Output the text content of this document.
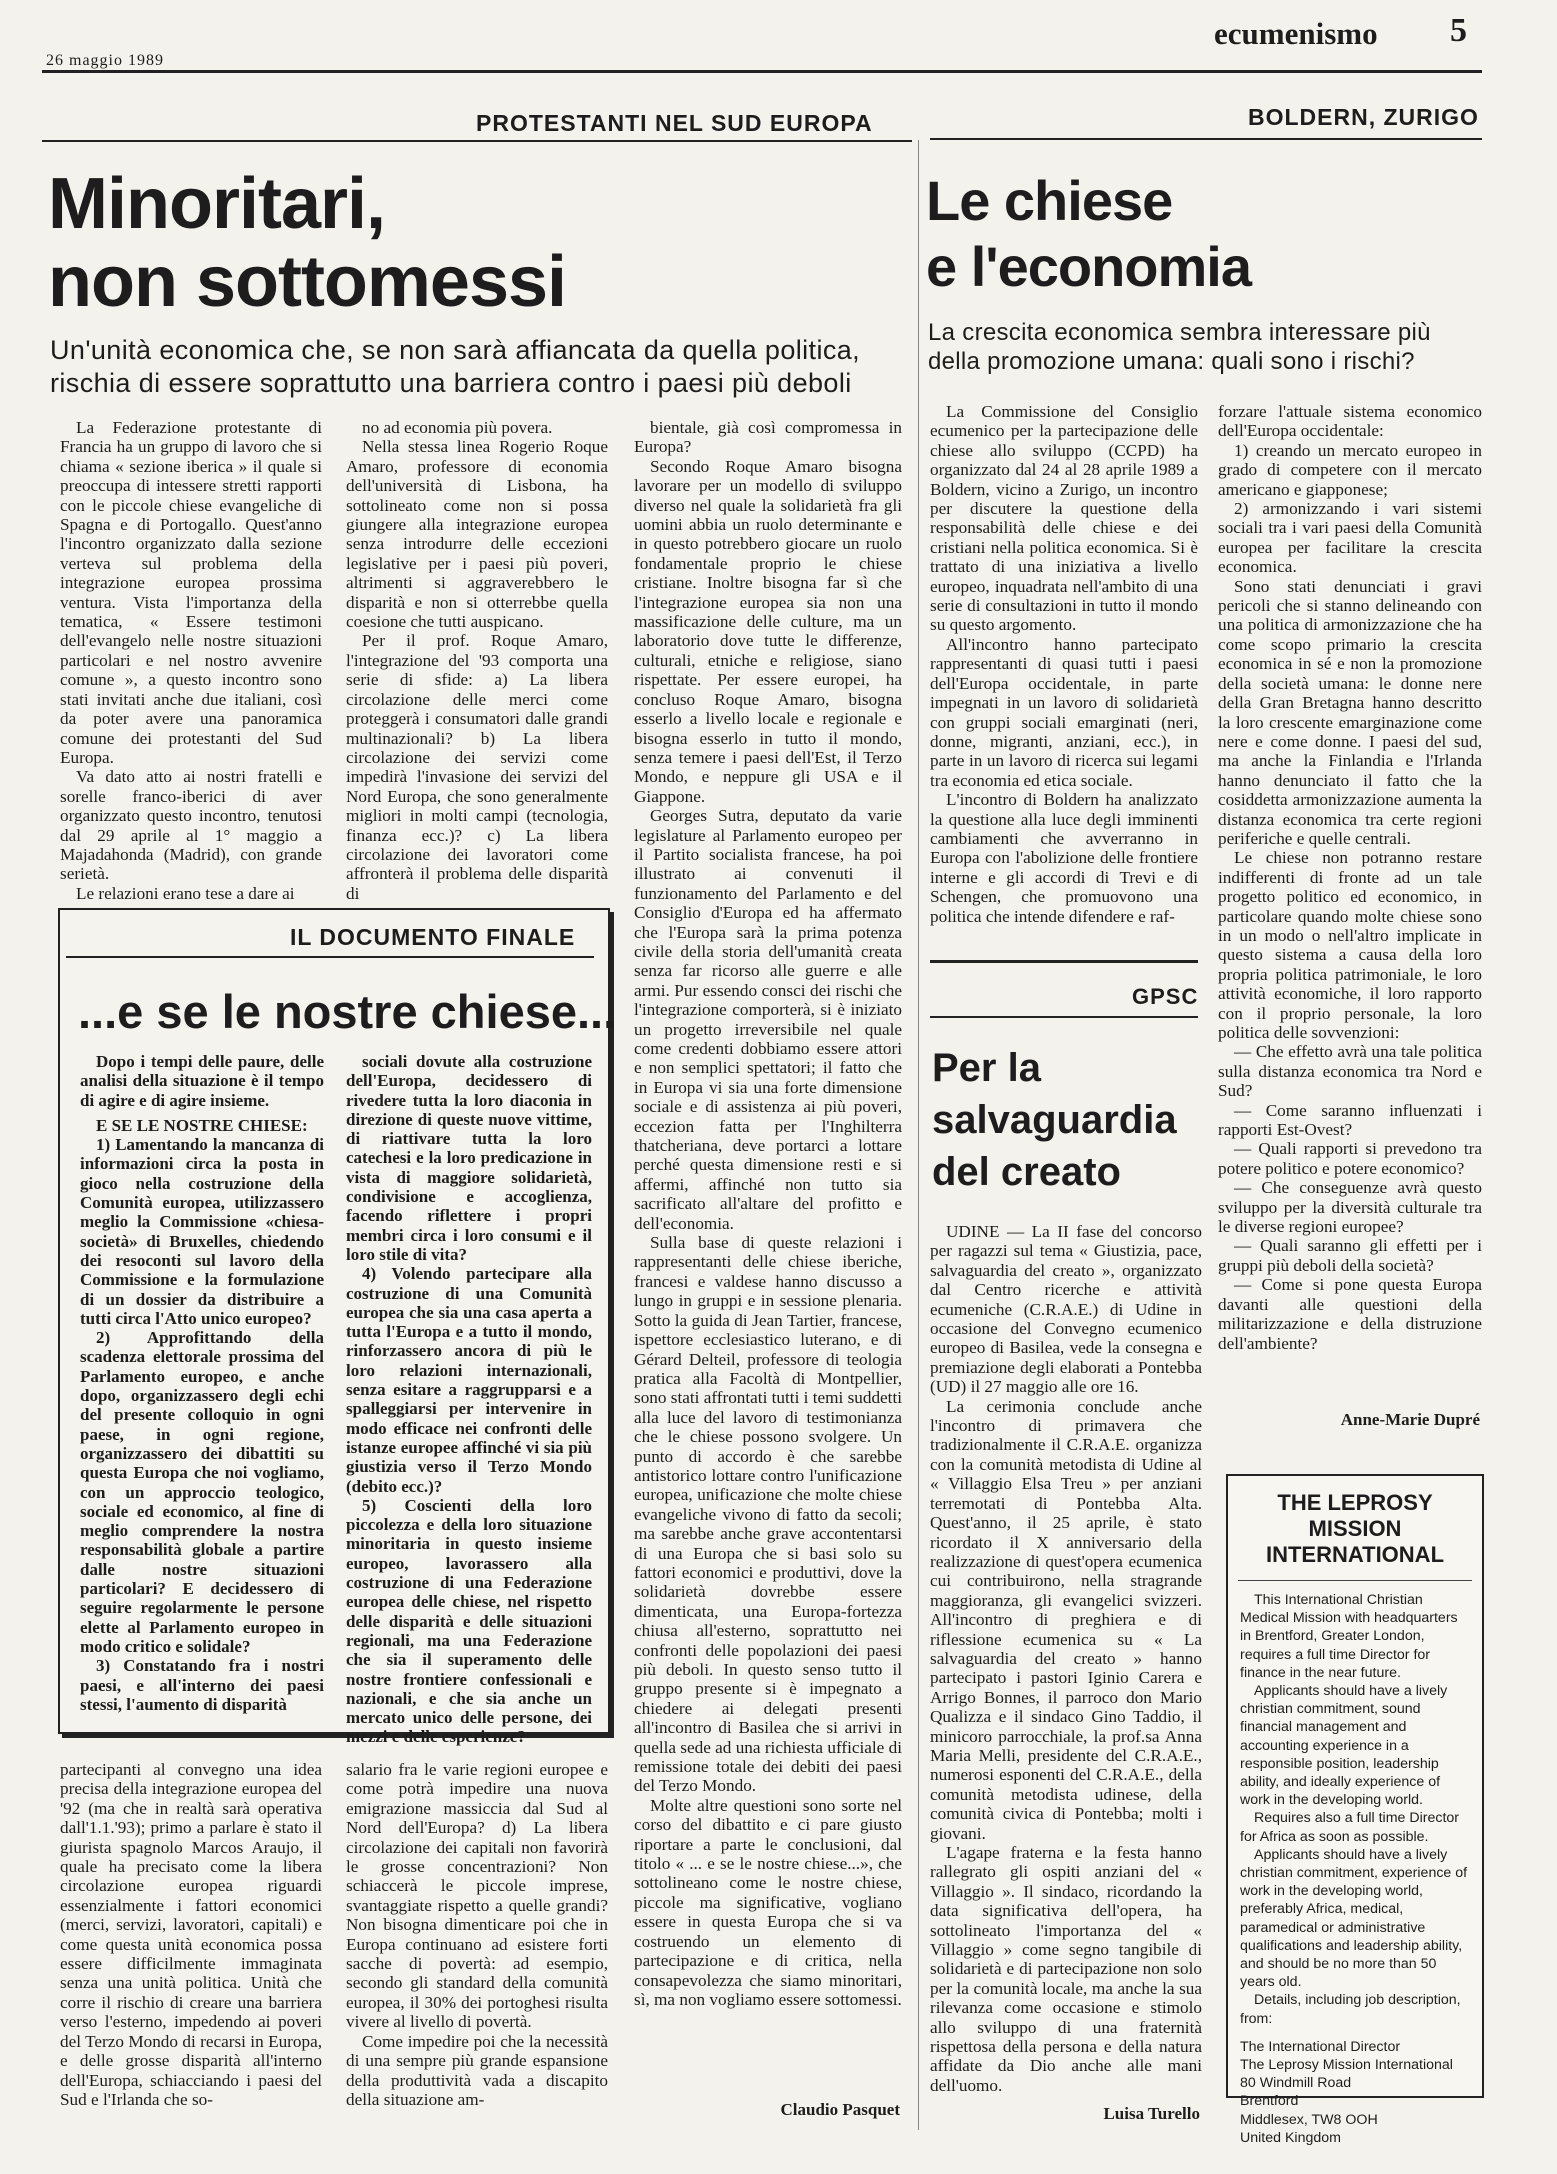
26 maggio 1989
ecumenismo 5
PROTESTANTI NEL SUD EUROPA
Minoritari,
non sottomessi
Un'unità economica che, se non sarà affiancata da quella politica,
rischia di essere soprattutto una barriera contro i paesi più deboli

La Federazione protestante di Francia ha un gruppo di lavoro che si chiama « sezione iberica » il quale si preoccupa di intessere stretti rapporti con le piccole chiese evangeliche di Spagna e di Portogallo. Quest'anno l'incontro organizzato dalla sezione verteva sul problema della integrazione europea prossima ventura. Vista l'importanza della tematica, « Essere testimoni dell'evangelo nelle nostre situazioni particolari e nel nostro avvenire comune », a questo incontro sono stati invitati anche due italiani, così da poter avere una panoramica comune dei protestanti del Sud Europa.

Va dato atto ai nostri fratelli e sorelle franco-iberici di aver organizzato questo incontro, tenutosi dal 29 aprile al 1° maggio a Majadahonda (Madrid), con grande serietà.

Le relazioni erano tese a dare ai

no ad economia più povera.

Nella stessa linea Rogerio Roque Amaro, professore di economia dell'università di Lisbona, ha sottolineato come non si possa giungere alla integrazione europea senza introdurre delle eccezioni legislative per i paesi più poveri, altrimenti si aggraverebbero le disparità e non si otterrebbe quella coesione che tutti auspicano.

Per il prof. Roque Amaro, l'integrazione del '93 comporta una serie di sfide: a) La libera circolazione delle merci come proteggerà i consumatori dalle grandi multinazionali? b) La libera circolazione dei servizi come impedirà l'invasione dei servizi del Nord Europa, che sono generalmente migliori in molti campi (tecnologia, finanza ecc.)? c) La libera circolazione dei lavoratori come affronterà il problema delle disparità di

bientale, già così compromessa in Europa?

Secondo Roque Amaro bisogna lavorare per un modello di sviluppo diverso nel quale la solidarietà fra gli uomini abbia un ruolo determinante e in questo potrebbero giocare un ruolo fondamentale proprio le chiese cristiane. Inoltre bisogna far sì che l'integrazione europea sia non una massificazione delle culture, ma un laboratorio dove tutte le differenze, culturali, etniche e religiose, siano rispettate. Per essere europei, ha concluso Roque Amaro, bisogna esserlo a livello locale e regionale e bisogna esserlo in tutto il mondo, senza temere i paesi dell'Est, il Terzo Mondo, e neppure gli USA e il Giappone.

Georges Sutra, deputato da varie legislature al Parlamento europeo per il Partito socialista francese, ha poi illustrato ai convenuti il funzionamento del Parlamento e del Consiglio d'Europa ed ha affermato che l'Europa sarà la prima potenza civile della storia dell'umanità creata senza far ricorso alle guerre e alle armi. Pur essendo consci dei rischi che l'integrazione comporterà, si è iniziato un progetto irreversibile nel quale come credenti dobbiamo essere attori e non semplici spettatori; il fatto che in Europa vi sia una forte dimensione sociale e di assistenza ai più poveri, eccezion fatta per l'Inghilterra thatcheriana, deve portarci a lottare perché questa dimensione resti e si affermi, affinché non tutto sia sacrificato all'altare del profitto e dell'economia.

Sulla base di queste relazioni i rappresentanti delle chiese iberiche, francesi e valdese hanno discusso a lungo in gruppi e in sessione plenaria. Sotto la guida di Jean Tartier, francese, ispettore ecclesiastico luterano, e di Gérard Delteil, professore di teologia pratica alla Facoltà di Montpellier, sono stati affrontati tutti i temi suddetti alla luce del lavoro di testimonianza che le chiese possono svolgere. Un punto di accordo è che sarebbe antistorico lottare contro l'unificazione europea, unificazione che molte chiese evangeliche vivono di fatto da secoli; ma sarebbe anche grave accontentarsi di una Europa che si basi solo su fattori economici e produttivi, dove la solidarietà dovrebbe essere dimenticata, una Europa-fortezza chiusa all'esterno, soprattutto nei confronti delle popolazioni dei paesi più deboli. In questo senso tutto il gruppo presente si è impegnato a chiedere ai delegati presenti all'incontro di Basilea che si arrivi in quella sede ad una richiesta ufficiale di remissione totale dei debiti dei paesi del Terzo Mondo.

Molte altre questioni sono sorte nel corso del dibattito e ci pare giusto riportare a parte le conclusioni, dal titolo « ... e se le nostre chiese...», che sottolineano come le nostre chiese, piccole ma significative, vogliano essere in questa Europa che si va costruendo un elemento di partecipazione e di critica, nella consapevolezza che siamo minoritari, sì, ma non vogliamo essere sottomessi.

IL DOCUMENTO FINALE
...e se le nostre chiese...

Dopo i tempi delle paure, delle analisi della situazione è il tempo di agire e di agire insieme.

E SE LE NOSTRE CHIESE:

1) Lamentando la mancanza di informazioni circa la posta in gioco nella costruzione della Comunità europea, utilizzassero meglio la Commissione «chiesa-società» di Bruxelles, chiedendo dei resoconti sul lavoro della Commissione e la formulazione di un dossier da distribuire a tutti circa l'Atto unico europeo?

2) Approfittando della scadenza elettorale prossima del Parlamento europeo, e anche dopo, organizzassero degli echi del presente colloquio in ogni paese, in ogni regione, organizzassero dei dibattiti su questa Europa che noi vogliamo, con un approccio teologico, sociale ed economico, al fine di meglio comprendere la nostra responsabilità globale a partire dalle nostre situazioni particolari? E decidessero di seguire regolarmente le persone elette al Parlamento europeo in modo critico e solidale?

3) Constatando fra i nostri paesi, e all'interno dei paesi stessi, l'aumento di disparità

sociali dovute alla costruzione dell'Europa, decidessero di rivedere tutta la loro diaconia in direzione di queste nuove vittime, di riattivare tutta la loro catechesi e la loro predicazione in vista di maggiore solidarietà, condivisione e accoglienza, facendo riflettere i propri membri circa i loro consumi e il loro stile di vita?

4) Volendo partecipare alla costruzione di una Comunità europea che sia una casa aperta a tutta l'Europa e a tutto il mondo, rinforzassero ancora di più le loro relazioni internazionali, senza esitare a raggrupparsi e a spalleggiarsi per intervenire in modo efficace nei confronti delle istanze europee affinché vi sia più giustizia verso il Terzo Mondo (debito ecc.)?

5) Coscienti della loro piccolezza e della loro situazione minoritaria in questo insieme europeo, lavorassero alla costruzione di una Federazione europea delle chiese, nel rispetto delle disparità e delle situazioni regionali, ma una Federazione che sia il superamento delle nostre frontiere confessionali e nazionali, e che sia anche un mercato unico delle persone, dei mezzi e delle esperienze?

partecipanti al convegno una idea precisa della integrazione europea del '92 (ma che in realtà sarà operativa dall'1.1.'93); primo a parlare è stato il giurista spagnolo Marcos Araujo, il quale ha precisato come la libera circolazione europea riguardi essenzialmente i fattori economici (merci, servizi, lavoratori, capitali) e come questa unità economica possa essere difficilmente immaginata senza una unità politica. Unità che corre il rischio di creare una barriera verso l'esterno, impedendo ai poveri del Terzo Mondo di recarsi in Europa, e delle grosse disparità all'interno dell'Europa, schiacciando i paesi del Sud e l'Irlanda che so-

salario fra le varie regioni europee e come potrà impedire una nuova emigrazione massiccia dal Sud al Nord dell'Europa? d) La libera circolazione dei capitali non favorirà le grosse concentrazioni? Non schiaccerà le piccole imprese, svantaggiate rispetto a quelle grandi? Non bisogna dimenticare poi che in Europa continuano ad esistere forti sacche di povertà: ad esempio, secondo gli standard della comunità europea, il 30% dei portoghesi risulta vivere al livello di povertà.

Come impedire poi che la necessità di una sempre più grande espansione della produttività vada a discapito della situazione am-

Claudio Pasquet
BOLDERN, ZURIGO
Le chiese
e l'economia
La crescita economica sembra interessare più
della promozione umana: quali sono i rischi?

La Commissione del Consiglio ecumenico per la partecipazione delle chiese allo sviluppo (CCPD) ha organizzato dal 24 al 28 aprile 1989 a Boldern, vicino a Zurigo, un incontro per discutere la questione della responsabilità delle chiese e dei cristiani nella politica economica. Si è trattato di una iniziativa a livello europeo, inquadrata nell'ambito di una serie di consultazioni in tutto il mondo su questo argomento.

All'incontro hanno partecipato rappresentanti di quasi tutti i paesi dell'Europa occidentale, in parte impegnati in un lavoro di solidarietà con gruppi sociali emarginati (neri, donne, migranti, anziani, ecc.), in parte in un lavoro di ricerca sui legami tra economia ed etica sociale.

L'incontro di Boldern ha analizzato la questione alla luce degli imminenti cambiamenti che avverranno in Europa con l'abolizione delle frontiere interne e gli accordi di Trevi e di Schengen, che promuovono una politica che intende difendere e raf-

forzare l'attuale sistema economico dell'Europa occidentale:

1) creando un mercato europeo in grado di competere con il mercato americano e giapponese;

2) armonizzando i vari sistemi sociali tra i vari paesi della Comunità europea per facilitare la crescita economica.

Sono stati denunciati i gravi pericoli che si stanno delineando con una politica di armonizzazione che ha come scopo primario la crescita economica in sé e non la promozione della società umana: le donne nere della Gran Bretagna hanno descritto la loro crescente emarginazione come nere e come donne. I paesi del sud, ma anche la Finlandia e l'Irlanda hanno denunciato il fatto che la cosiddetta armonizzazione aumenta la distanza economica tra certe regioni periferiche e quelle centrali.

Le chiese non potranno restare indifferenti di fronte ad un tale progetto politico ed economico, in particolare quando molte chiese sono in un modo o nell'altro implicate in questo sistema a causa della loro propria politica patrimoniale, le loro attività economiche, il loro rapporto con il proprio personale, la loro politica delle sovvenzioni:

— Che effetto avrà una tale politica sulla distanza economica tra Nord e Sud?

— Come saranno influenzati i rapporti Est-Ovest?

— Quali rapporti si prevedono tra potere politico e potere economico?

— Che conseguenze avrà questo sviluppo per la diversità culturale tra le diverse regioni europee?

— Quali saranno gli effetti per i gruppi più deboli della società?

— Come si pone questa Europa davanti alle questioni della militarizzazione e della distruzione dell'ambiente?

Anne-Marie Dupré
GPSC
Per la
salvaguardia
del creato

UDINE — La II fase del concorso per ragazzi sul tema « Giustizia, pace, salvaguardia del creato », organizzato dal Centro ricerche e attività ecumeniche (C.R.A.E.) di Udine in occasione del Convegno ecumenico europeo di Basilea, vede la consegna e premiazione degli elaborati a Pontebba (UD) il 27 maggio alle ore 16.

La cerimonia conclude anche l'incontro di primavera che tradizionalmente il C.R.A.E. organizza con la comunità metodista di Udine al « Villaggio Elsa Treu » per anziani terremotati di Pontebba Alta. Quest'anno, il 25 aprile, è stato ricordato il X anniversario della realizzazione di quest'opera ecumenica cui contribuirono, nella stragrande maggioranza, gli evangelici svizzeri. All'incontro di preghiera e di riflessione ecumenica su « La salvaguardia del creato » hanno partecipato i pastori Iginio Carera e Arrigo Bonnes, il parroco don Mario Qualizza e il sindaco Gino Taddio, il minicoro parrocchiale, la prof.sa Anna Maria Melli, presidente del C.R.A.E., numerosi esponenti del C.R.A.E., della comunità metodista udinese, della comunità civica di Pontebba; molti i giovani.

L'agape fraterna e la festa hanno rallegrato gli ospiti anziani del « Villaggio ». Il sindaco, ricordando la data significativa dell'opera, ha sottolineato l'importanza del « Villaggio » come segno tangibile di solidarietà e di partecipazione non solo per la comunità locale, ma anche la sua rilevanza come occasione e stimolo allo sviluppo di una fraternità rispettosa della persona e della natura affidate da Dio anche alle mani dell'uomo.

Luisa Turello
THE LEPROSY
MISSION
INTERNATIONAL

This International Christian Medical Mission with headquarters in Brentford, Greater London, requires a full time Director for finance in the near future.

Applicants should have a lively christian commitment, sound financial management and accounting experience in a responsible position, leadership ability, and ideally experience of work in the developing world.

Requires also a full time Director for Africa as soon as possible.

Applicants should have a lively christian commitment, experience of work in the developing world, preferably Africa, medical, paramedical or administrative qualifications and leadership ability, and should be no more than 50 years old.

Details, including job description, from:

The International Director
The Leprosy Mission International
80 Windmill Road
Brentford
Middlesex, TW8 OOH
United Kingdom
